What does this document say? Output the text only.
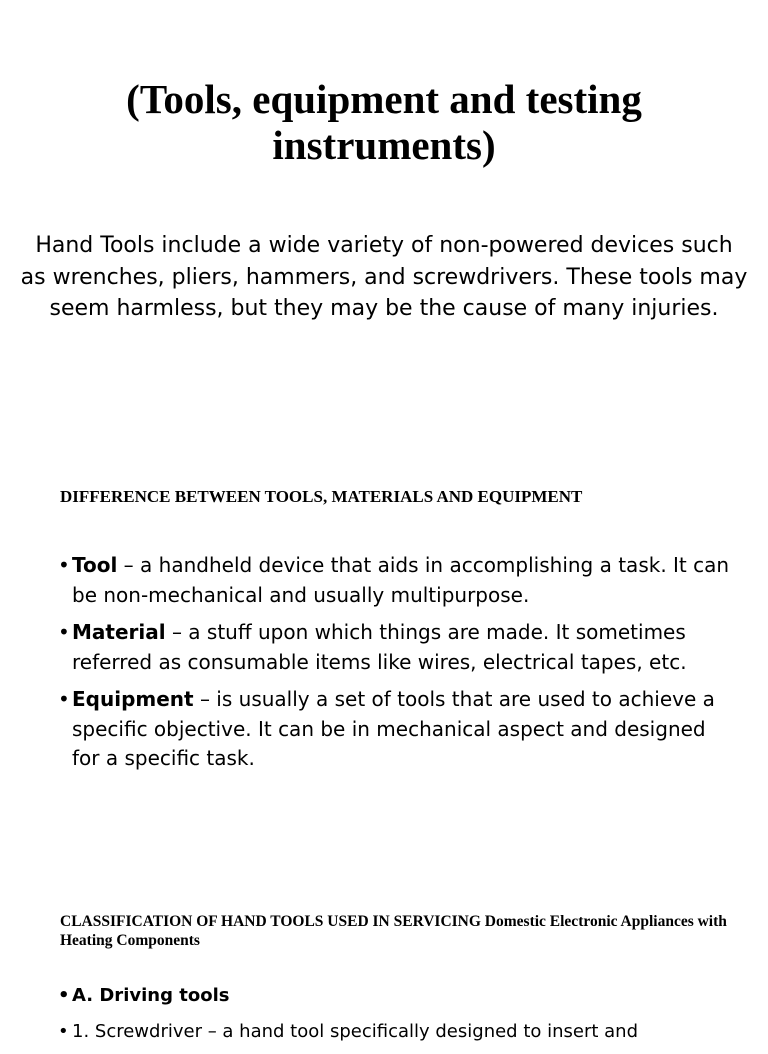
(Tools, equipment and testing instruments)

Hand Tools include a wide variety of non-powered devices such as wrenches, pliers, hammers, and screwdrivers. These tools may seem harmless, but they may be the cause of many injuries.

DIFFERENCE BETWEEN TOOLS, MATERIALS AND EQUIPMENT
• Tool – a handheld device that aids in accomplishing a task. It can be non-mechanical and usually multipurpose.
• Material – a stuff upon which things are made. It sometimes referred as consumable items like wires, electrical tapes, etc.
• Equipment – is usually a set of tools that are used to achieve a specific objective. It can be in mechanical aspect and designed for a specific task.
CLASSIFICATION OF HAND TOOLS USED IN SERVICING Domestic Electronic Appliances with Heating Components
• A. Driving tools
• 1. Screwdriver – a hand tool specifically designed to insert and
